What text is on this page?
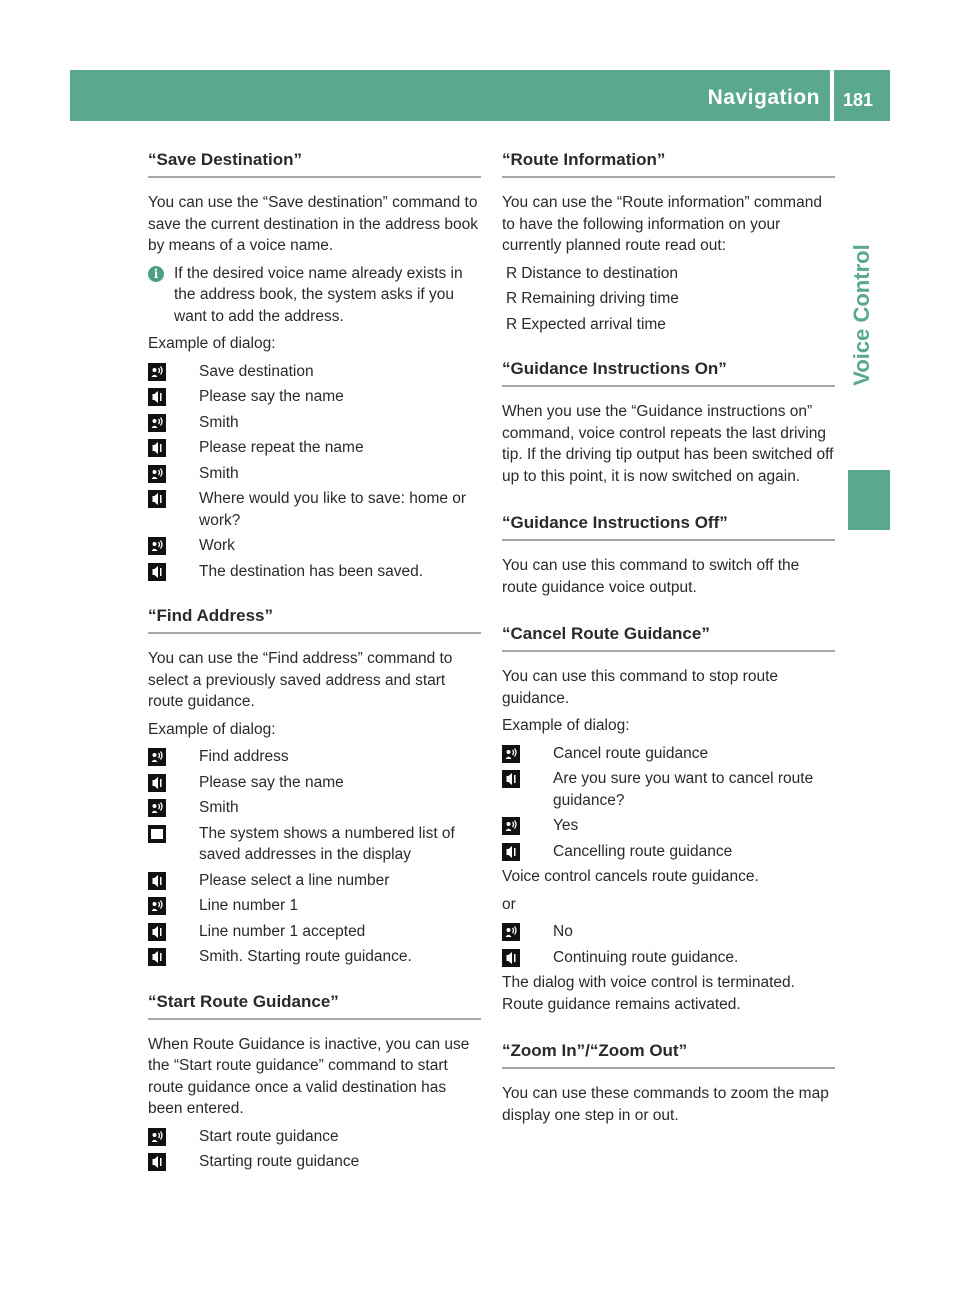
Navigation 181
Voice Control
“Save Destination”

You can use the “Save destination” command to save the current destination in the address book by means of a voice name.

i	If the desired voice name already exists in the address book, the system asks if you want to add the address.

Example of dialog:

Save destination
Please say the name
Smith
Please repeat the name
Smith
Where would you like to save: home or work?
Work
The destination has been saved.
“Find Address”

You can use the “Find address” command to select a previously saved address and start route guidance.

Example of dialog:

Find address
Please say the name
Smith
The system shows a numbered list of saved addresses in the display
Please select a line number
Line number 1
Line number 1 accepted
Smith. Starting route guidance.
“Start Route Guidance”

When Route Guidance is inactive, you can use the “Start route guidance” command to start route guidance once a valid destination has been entered.

Start route guidance
Starting route guidance
“Route Information”

You can use the “Route information” command to have the following information on your currently planned route read out:

R Distance to destination
R Remaining driving time
R Expected arrival time
“Guidance Instructions On”

When you use the “Guidance instructions on” command, voice control repeats the last driving tip. If the driving tip output has been switched off up to this point, it is now switched on again.

“Guidance Instructions Off”

You can use this command to switch off the route guidance voice output.

“Cancel Route Guidance”

You can use this command to stop route guidance.

Example of dialog:

Cancel route guidance
Are you sure you want to cancel route guidance?
Yes
Cancelling route guidance

Voice control cancels route guidance.

or

No
Continuing route guidance.

The dialog with voice control is terminated. Route guidance remains activated.

“Zoom In”/“Zoom Out”

You can use these commands to zoom the map display one step in or out.
